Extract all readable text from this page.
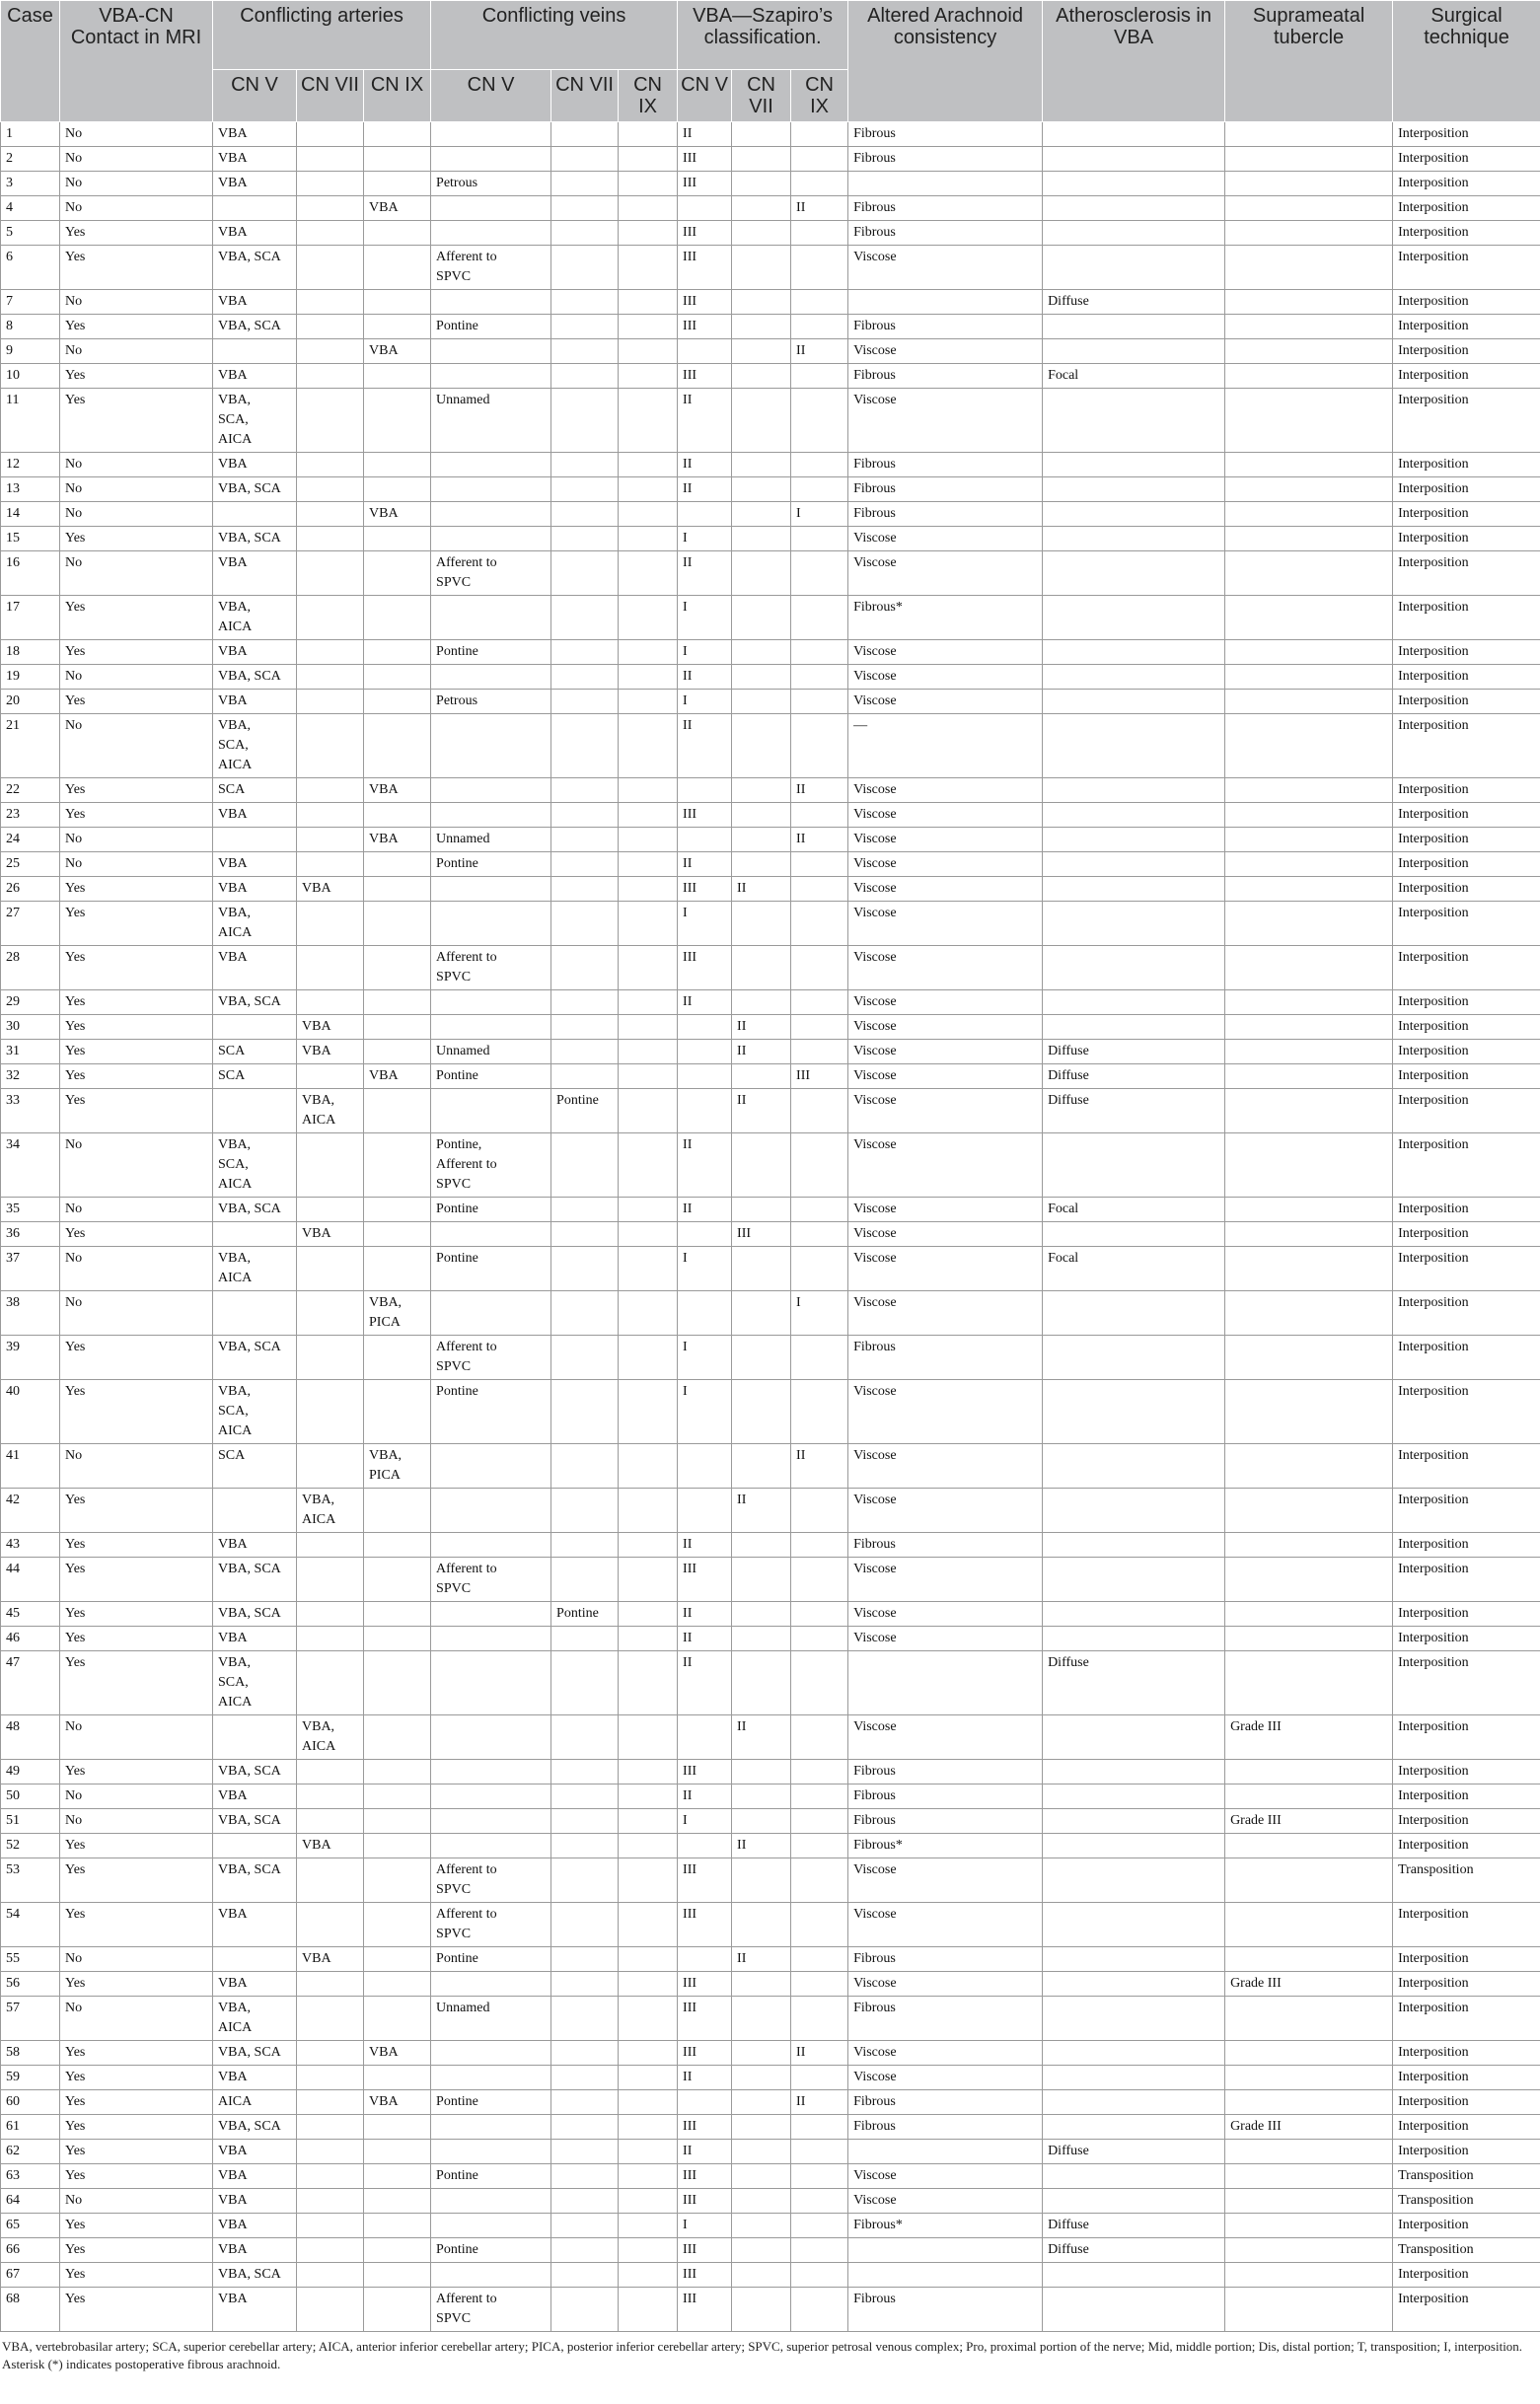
Case	VBA-CN Contact in MRI	Conflicting arteries			Conflicting veins			VBA—Szapiro’s classification.			Altered Arachnoid consistency	Atherosclerosis in VBA	Suprameatal tubercle	Surgical technique
		CN V	CN VII	CN IX	CN V	CN VII	CN IX	CN V	CN VII	CN IX				
1	No	VBA						II			Fibrous			Interposition
2	No	VBA						III			Fibrous			Interposition
3	No	VBA			Petrous			III						Interposition
4	No			VBA						II	Fibrous			Interposition
5	Yes	VBA						III			Fibrous			Interposition
6	Yes	VBA, SCA			Afferent to
SPVC			III			Viscose			Interposition
7	No	VBA						III				Diffuse		Interposition
8	Yes	VBA, SCA			Pontine			III			Fibrous			Interposition
9	No			VBA						II	Viscose			Interposition
10	Yes	VBA						III			Fibrous	Focal		Interposition
11	Yes	VBA,
SCA,
AICA			Unnamed			II			Viscose			Interposition
12	No	VBA						II			Fibrous			Interposition
13	No	VBA, SCA						II			Fibrous			Interposition
14	No			VBA						I	Fibrous			Interposition
15	Yes	VBA, SCA						I			Viscose			Interposition
16	No	VBA			Afferent to
SPVC			II			Viscose			Interposition
17	Yes	VBA,
AICA						I			Fibrous*			Interposition
18	Yes	VBA			Pontine			I			Viscose			Interposition
19	No	VBA, SCA						II			Viscose			Interposition
20	Yes	VBA			Petrous			I			Viscose			Interposition
21	No	VBA,
SCA,
AICA						II			—			Interposition
22	Yes	SCA		VBA						II	Viscose			Interposition
23	Yes	VBA						III			Viscose			Interposition
24	No			VBA	Unnamed					II	Viscose			Interposition
25	No	VBA			Pontine			II			Viscose			Interposition
26	Yes	VBA	VBA					III	II		Viscose			Interposition
27	Yes	VBA,
AICA						I			Viscose			Interposition
28	Yes	VBA			Afferent to
SPVC			III			Viscose			Interposition
29	Yes	VBA, SCA						II			Viscose			Interposition
30	Yes		VBA						II		Viscose			Interposition
31	Yes	SCA	VBA		Unnamed				II		Viscose	Diffuse		Interposition
32	Yes	SCA		VBA	Pontine					III	Viscose	Diffuse		Interposition
33	Yes		VBA,
AICA			Pontine			II		Viscose	Diffuse		Interposition
34	No	VBA,
SCA,
AICA			Pontine,
Afferent to
SPVC			II			Viscose			Interposition
35	No	VBA, SCA			Pontine			II			Viscose	Focal		Interposition
36	Yes		VBA						III		Viscose			Interposition
37	No	VBA,
AICA			Pontine			I			Viscose	Focal		Interposition
38	No			VBA,
PICA						I	Viscose			Interposition
39	Yes	VBA, SCA			Afferent to
SPVC			I			Fibrous			Interposition
40	Yes	VBA,
SCA,
AICA			Pontine			I			Viscose			Interposition
41	No	SCA		VBA,
PICA						II	Viscose			Interposition
42	Yes		VBA,
AICA						II		Viscose			Interposition
43	Yes	VBA						II			Fibrous			Interposition
44	Yes	VBA, SCA			Afferent to
SPVC			III			Viscose			Interposition
45	Yes	VBA, SCA				Pontine		II			Viscose			Interposition
46	Yes	VBA						II			Viscose			Interposition
47	Yes	VBA,
SCA,
AICA						II				Diffuse		Interposition
48	No		VBA,
AICA						II		Viscose		Grade III	Interposition
49	Yes	VBA, SCA						III			Fibrous			Interposition
50	No	VBA						II			Fibrous			Interposition
51	No	VBA, SCA						I			Fibrous		Grade III	Interposition
52	Yes		VBA						II		Fibrous*			Interposition
53	Yes	VBA, SCA			Afferent to
SPVC			III			Viscose			Transposition
54	Yes	VBA			Afferent to
SPVC			III			Viscose			Interposition
55	No		VBA		Pontine				II		Fibrous			Interposition
56	Yes	VBA						III			Viscose		Grade III	Interposition
57	No	VBA,
AICA			Unnamed			III			Fibrous			Interposition
58	Yes	VBA, SCA		VBA				III		II	Viscose			Interposition
59	Yes	VBA						II			Viscose			Interposition
60	Yes	AICA		VBA	Pontine					II	Fibrous			Interposition
61	Yes	VBA, SCA						III			Fibrous		Grade III	Interposition
62	Yes	VBA						II				Diffuse		Interposition
63	Yes	VBA			Pontine			III			Viscose			Transposition
64	No	VBA						III			Viscose			Transposition
65	Yes	VBA						I			Fibrous*	Diffuse		Interposition
66	Yes	VBA			Pontine			III				Diffuse		Transposition
67	Yes	VBA, SCA						III						Interposition
68	Yes	VBA			Afferent to
SPVC			III			Fibrous			Interposition
VBA, vertebrobasilar artery; SCA, superior cerebellar artery; AICA, anterior inferior cerebellar artery; PICA, posterior inferior cerebellar artery; SPVC, superior petrosal venous complex; Pro, proximal portion of the nerve; Mid, middle portion; Dis, distal portion; T, transposition; I, interposition. Asterisk (*) indicates postoperative fibrous arachnoid.
